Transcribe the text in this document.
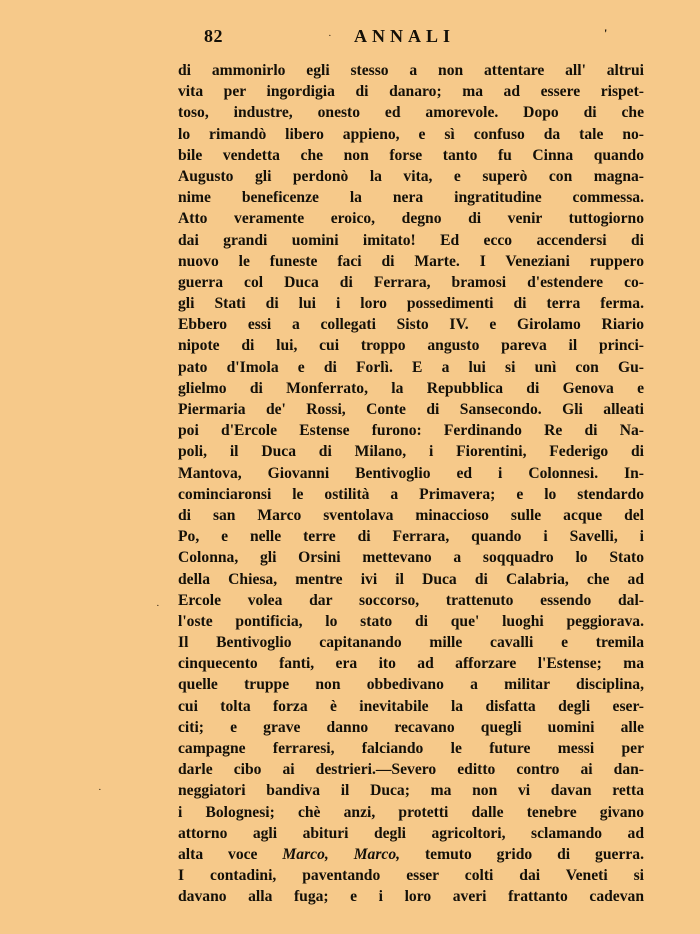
82	ANNALI	'
di ammonirlo egli stesso a non attentare all' altrui
vita per ingordigia di danaro; ma ad essere rispet-
toso, industre, onesto ed amorevole. Dopo di che
lo rimandò libero appieno, e sì confuso da tale no-
bile vendetta che non forse tanto fu Cinna quando
Augusto gli perdonò la vita, e superò con magna-
nime beneficenze la nera ingratitudine commessa.
Atto veramente eroico, degno di venir tuttogiorno
dai grandi uomini imitato! Ed ecco accendersi di
nuovo le funeste faci di Marte. I Veneziani ruppero
guerra col Duca di Ferrara, bramosi d'estendere co-
gli Stati di lui i loro possedimenti di terra ferma.
Ebbero essi a collegati Sisto IV. e Girolamo Riario
nipote di lui, cui troppo angusto pareva il princi-
pato d'Imola e di Forlì. E a lui si unì con Gu-
glielmo di Monferrato, la Repubblica di Genova e
Piermaria de' Rossi, Conte di Sansecondo. Gli alleati
poi d'Ercole Estense furono: Ferdinando Re di Na-
poli, il Duca di Milano, i Fiorentini, Federigo di
Mantova, Giovanni Bentivoglio ed i Colonnesi. In-
cominciaronsi le ostilità a Primavera; e lo stendardo
di san Marco sventolava minaccioso sulle acque del
Po, e nelle terre di Ferrara, quando i Savelli, i
Colonna, gli Orsini mettevano a soqquadro lo Stato
della Chiesa, mentre ivi il Duca di Calabria, che ad
Ercole volea dar soccorso, trattenuto essendo dal-
l'oste pontificia, lo stato di que' luoghi peggiorava.
Il Bentivoglio capitanando mille cavalli e tremila
cinquecento fanti, era ito ad afforzare l'Estense; ma
quelle truppe non obbedivano a militar disciplina,
cui tolta forza è inevitabile la disfatta degli eser-
citi; e grave danno recavano quegli uomini alle
campagne ferraresi, falciando le future messi per
darle cibo ai destrieri.—Severo editto contro ai dan-
neggiatori bandiva il Duca; ma non vi davan retta
i Bolognesi; chè anzi, protetti dalle tenebre givano
attorno agli abituri degli agricoltori, sclamando ad
alta voce Marco, Marco, temuto grido di guerra.
I contadini, paventando esser colti dai Veneti si
davano alla fuga; e i loro averi frattanto cadevan
·
·
·
